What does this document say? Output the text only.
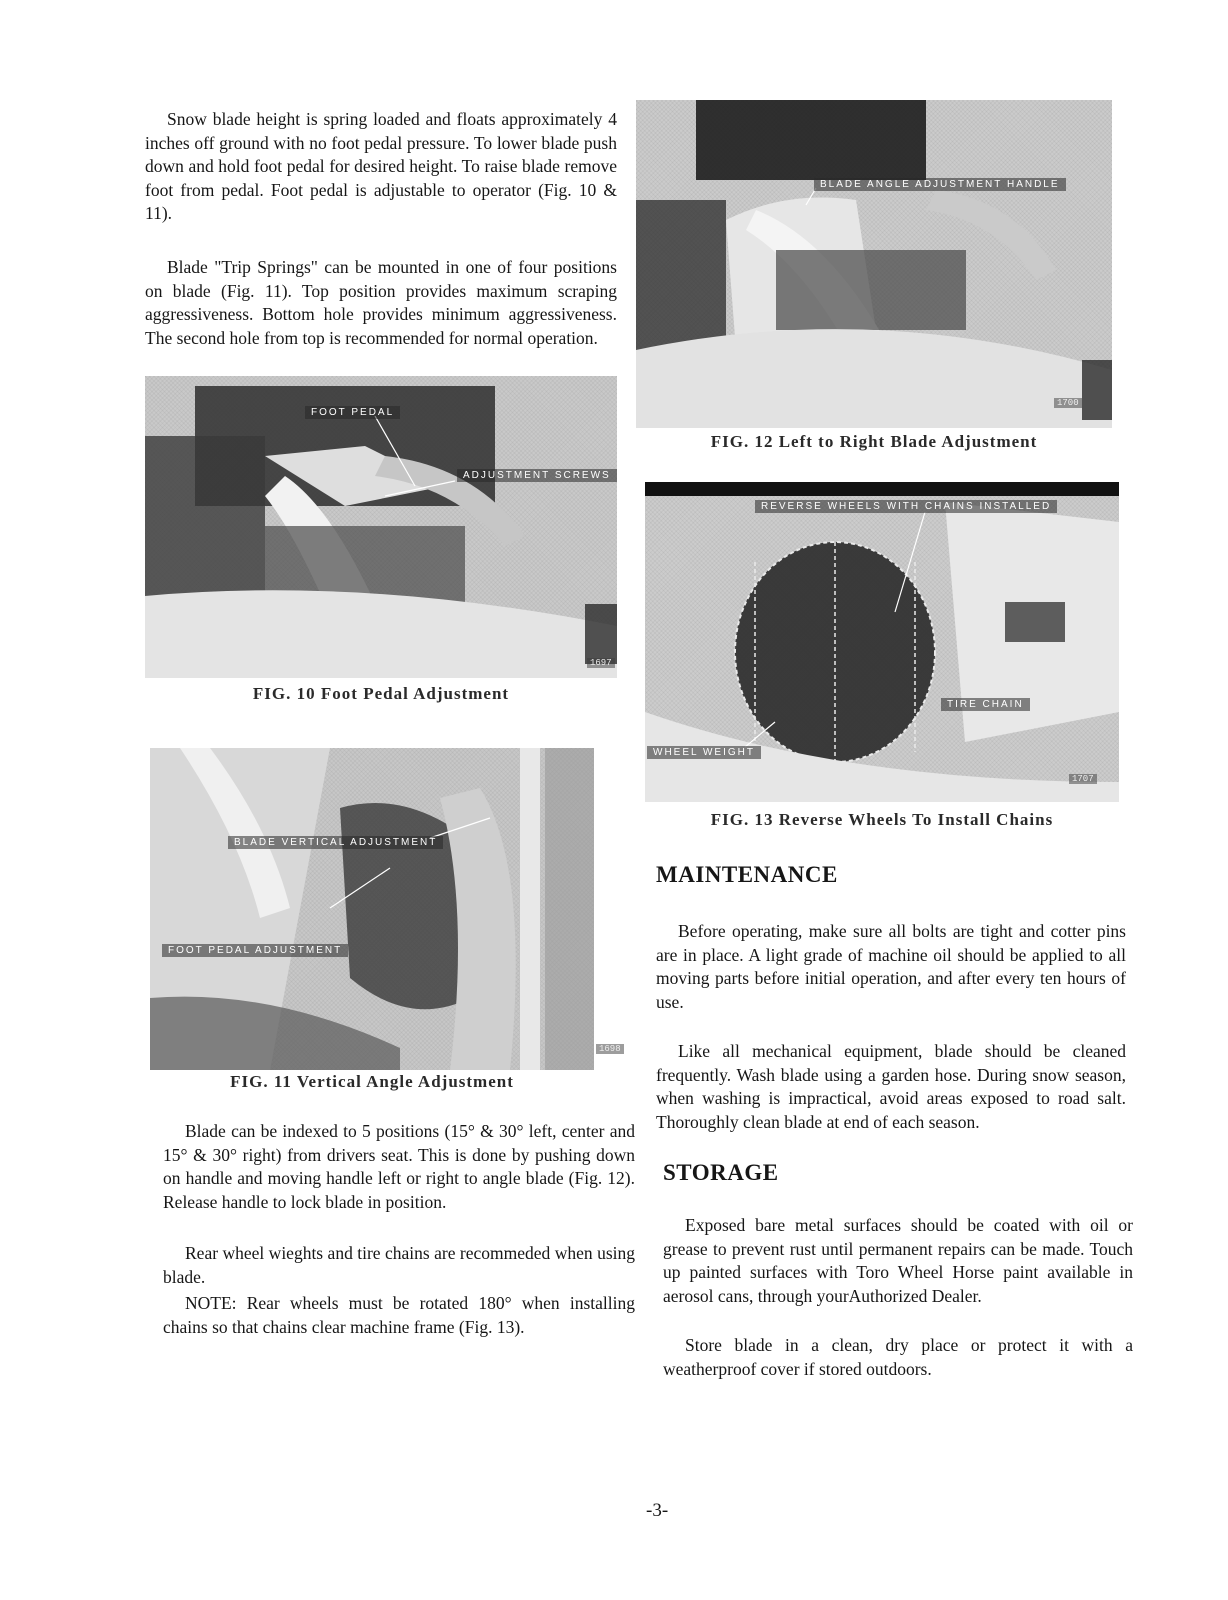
Snow blade height is spring loaded and floats approximately 4 inches off ground with no foot pedal pressure. To lower blade push down and hold foot pedal for desired height. To raise blade remove foot from pedal. Foot pedal is adjustable to operator (Fig. 10 & 11).

Blade "Trip Springs" can be mounted in one of four positions on blade (Fig. 11). Top position provides maximum scraping aggressiveness. Bottom hole provides minimum aggressiveness. The second hole from top is recommended for normal operation.

FOOT PEDAL
ADJUSTMENT SCREWS
1697
FIG. 10 Foot Pedal Adjustment
BLADE VERTICAL ADJUSTMENT
FOOT PEDAL ADJUSTMENT
1698
FIG. 11 Vertical Angle Adjustment

Blade can be indexed to 5 positions (15° & 30° left, center and 15° & 30° right) from drivers seat. This is done by pushing down on handle and moving handle left or right to angle blade (Fig. 12). Release handle to lock blade in position.

Rear wheel wieghts and tire chains are recommeded when using blade.

NOTE: Rear wheels must be rotated 180° when installing chains so that chains clear machine frame (Fig. 13).

BLADE ANGLE ADJUSTMENT HANDLE
1700
FIG. 12 Left to Right Blade Adjustment
REVERSE WHEELS WITH CHAINS INSTALLED
TIRE CHAIN
WHEEL WEIGHT
1707
FIG. 13 Reverse Wheels To Install Chains
MAINTENANCE

Before operating, make sure all bolts are tight and cotter pins are in place. A light grade of machine oil should be applied to all moving parts before initial operation, and after every ten hours of use.

Like all mechanical equipment, blade should be cleaned frequently. Wash blade using a garden hose. During snow season, when washing is impractical, avoid areas exposed to road salt. Thoroughly clean blade at end of each season.

STORAGE

Exposed bare metal surfaces should be coated with oil or grease to prevent rust until permanent repairs can be made. Touch up painted surfaces with Toro Wheel Horse paint available in aerosol cans, through yourAuthorized Dealer.

Store blade in a clean, dry place or protect it with a weatherproof cover if stored outdoors.

-3-
